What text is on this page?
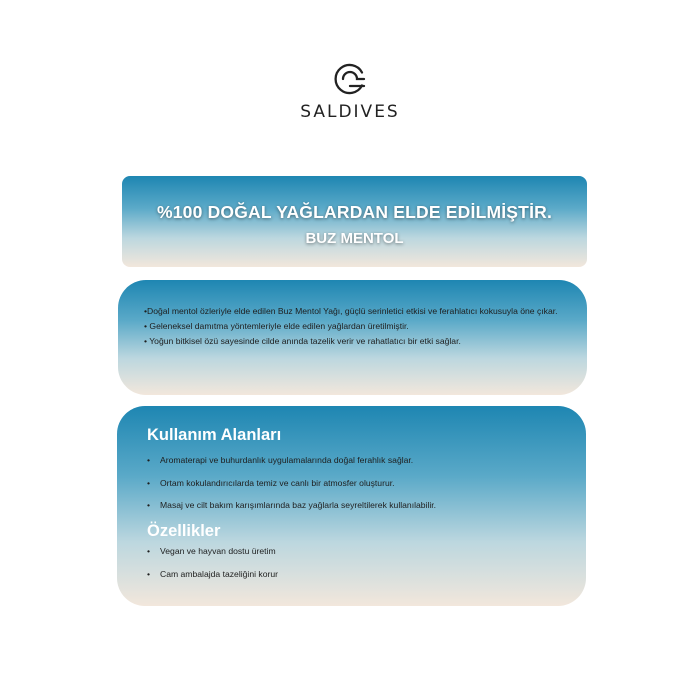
SALDIVES
%100 DOĞAL YAĞLARDAN ELDE EDİLMİŞTİR.
BUZ MENTOL

•Doğal mentol özleriyle elde edilen Buz Mentol Yağı, güçlü serinletici etkisi ve ferahlatıcı kokusuyla öne çıkar.

• Geleneksel damıtma yöntemleriyle elde edilen yağlardan üretilmiştir.

• Yoğun bitkisel özü sayesinde cilde anında tazelik verir ve rahatlatıcı bir etki sağlar.

Kullanım Alanları
• Aromaterapi ve buhurdanlık uygulamalarında doğal ferahlık sağlar.
• Ortam kokulandırıcılarda temiz ve canlı bir atmosfer oluşturur.
• Masaj ve cilt bakım karışımlarında baz yağlarla seyreltilerek kullanılabilir.
Özellikler
• Vegan ve hayvan dostu üretim
• Cam ambalajda tazeliğini korur
